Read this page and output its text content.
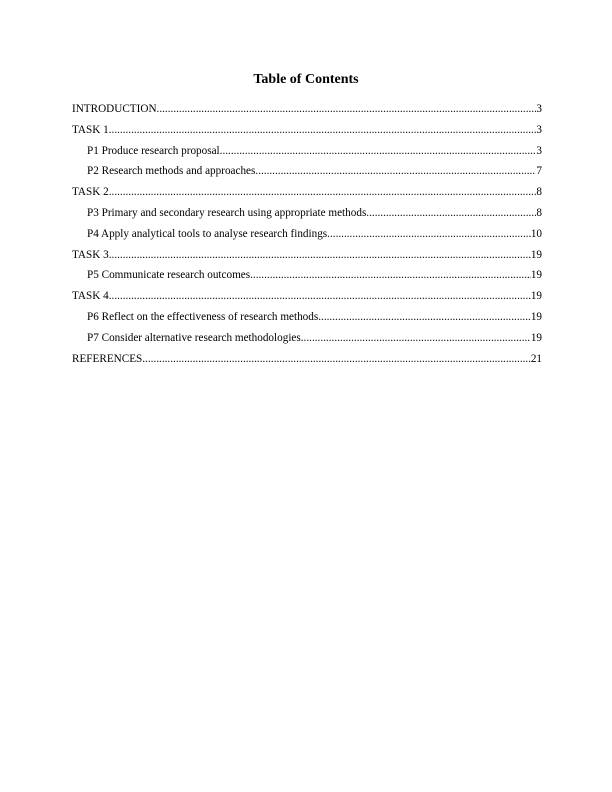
Table of Contents
INTRODUCTION .....	3
TASK 1 .....	3
P1 Produce research proposal .....	3
P2 Research methods and approaches .....	7
TASK 2 .....	8
P3 Primary and secondary research using appropriate methods .....	8
P4 Apply analytical tools to analyse research findings .....	10
TASK 3 .....	19
P5 Communicate research outcomes .....	19
TASK 4 .....	19
P6 Reflect on the effectiveness of research methods .....	19
P7 Consider alternative research methodologies .....	19
REFERENCES .....	21
